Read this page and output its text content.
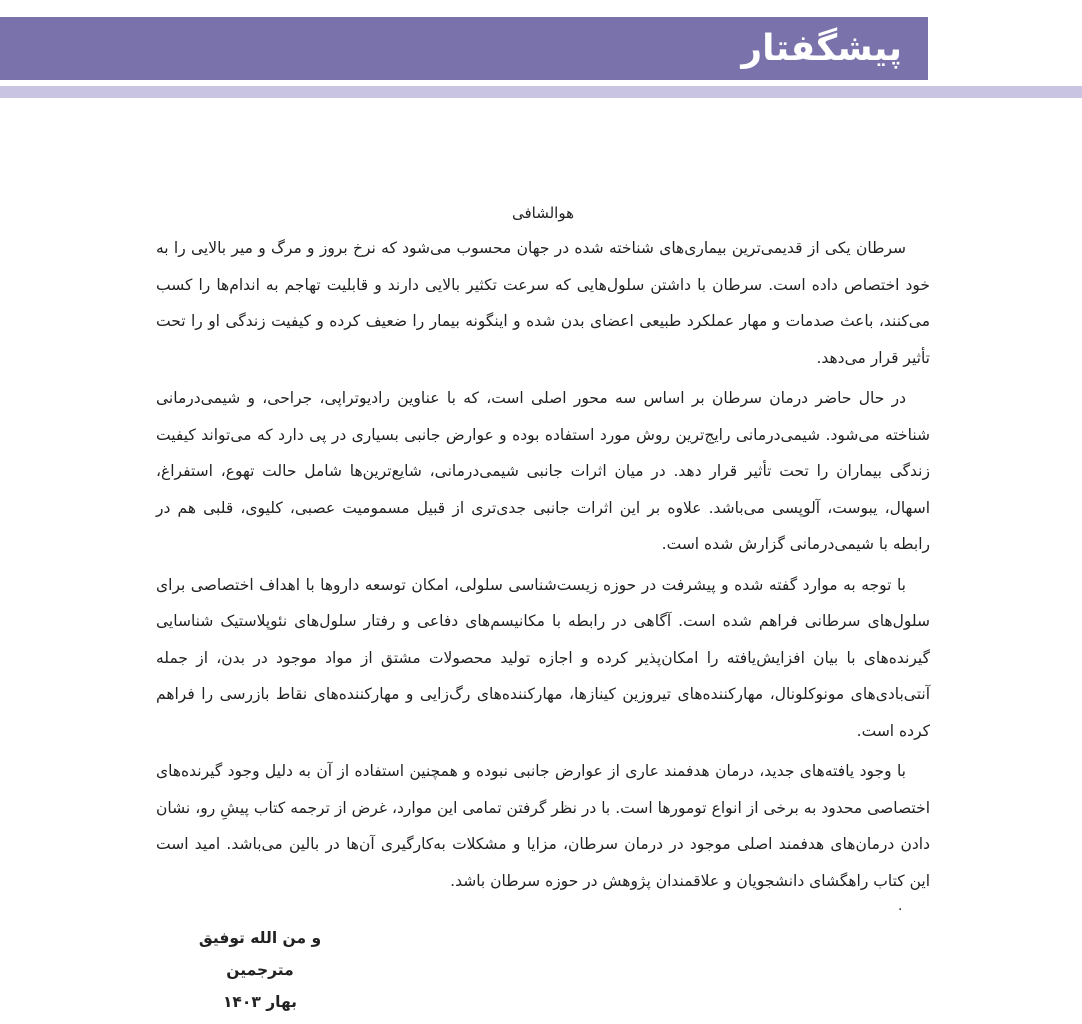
پیشگفتار
هوالشافی

سرطان یکی از قدیمی‌ترین بیماری‌های شناخته شده در جهان محسوب می‌شود که نرخ بروز و مرگ و میر بالایی را به خود اختصاص داده است. سرطان با داشتن سلول‌هایی که سرعت تکثیر بالایی دارند و قابلیت تهاجم به اندام‌ها را کسب می‌کنند، باعث صدمات و مهار عملکرد طبیعی اعضای بدن شده و اینگونه بیمار را ضعیف کرده و کیفیت زندگی او را تحت تأثیر قرار می‌دهد.

در حال حاضر درمان سرطان بر اساس سه محور اصلی است، که با عناوین رادیوتراپی، جراحی، و شیمی‌درمانی شناخته می‌شود. شیمی‌درمانی رایج‌ترین روش مورد استفاده بوده و عوارض جانبی بسیاری در پی دارد که می‌تواند کیفیت زندگی بیماران را تحت تأثیر قرار دهد. در میان اثرات جانبی شیمی‌درمانی، شایع‌ترین‌ها شامل حالت تهوع، استفراغ، اسهال، یبوست، آلوپسی می‌باشد. علاوه بر این اثرات جانبی جدی‌تری از قبیل مسمومیت عصبی، کلیوی، قلبی هم در رابطه با شیمی‌درمانی گزارش شده است.

با توجه به موارد گفته شده و پیشرفت در حوزه زیست‌شناسی سلولی، امکان توسعه داروها با اهداف اختصاصی برای سلول‌های سرطانی فراهم شده است. آگاهی در رابطه با مکانیسم‌های دفاعی و رفتار سلول‌های نئوپلاستیک شناسایی گیرنده‌های با بیان افزایش‌یافته را امکان‌پذیر کرده و اجازه تولید محصولات مشتق از مواد موجود در بدن، از جمله آنتی‌بادی‌های مونوکلونال، مهارکننده‌های تیروزین کینازها، مهارکننده‌های رگ‌زایی و مهارکننده‌های نقاط بازرسی را فراهم کرده است.

با وجود یافته‌های جدید، درمان هدفمند عاری از عوارض جانبی نبوده و همچنین استفاده از آن به دلیل وجود گیرنده‌های اختصاصی محدود به برخی از انواع تومورها است. با در نظر گرفتن تمامی این موارد، غرض از ترجمه کتاب پیشِ رو، نشان دادن درمان‌های هدفمند اصلی موجود در درمان سرطان، مزایا و مشکلات به‌کارگیری آن‌ها در بالین می‌باشد. امید است این کتاب راهگشای دانشجویان و علاقمندان پژوهش در حوزه سرطان باشد.

.
و من الله توفیق
مترجمین
بهار ۱۴۰۳
